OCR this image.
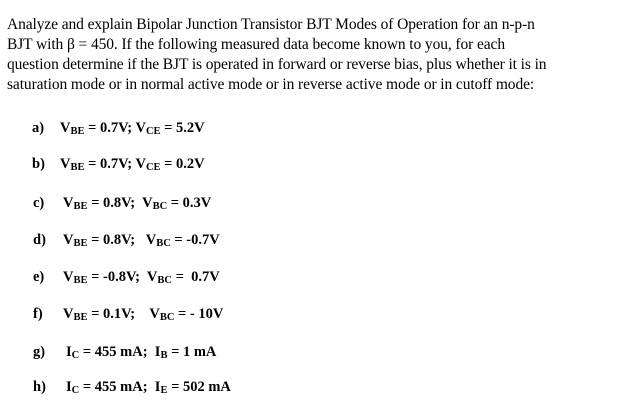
Analyze and explain Bipolar Junction Transistor BJT Modes of Operation for an n-p-n
BJT with β = 450. If the following measured data become known to you, for each
question determine if the BJT is operated in forward or reverse bias, plus whether it is in
saturation mode or in normal active mode or in reverse active mode or in cutoff mode:
a) $V_{BE} = 0.7V$; $V_{CE} = 5.2V$
b) $V_{BE} = 0.7V$; $V_{CE} = 0.2V$
c) $V_{BE} = 0.8V$;  $V_{BC} = 0.3V$
d) $V_{BE} = 0.8V$;   $V_{BC} = -0.7V$
e) $V_{BE} = -0.8V$;  $V_{BC} = 0.7V$
f) $V_{BE} = 0.1V$;    $V_{BC}$ = - 10V
g) $I_C = 455$ mA;  $I_B = 1$ mA
h) $I_C = 455$ mA;  $I_E = 502$ mA
